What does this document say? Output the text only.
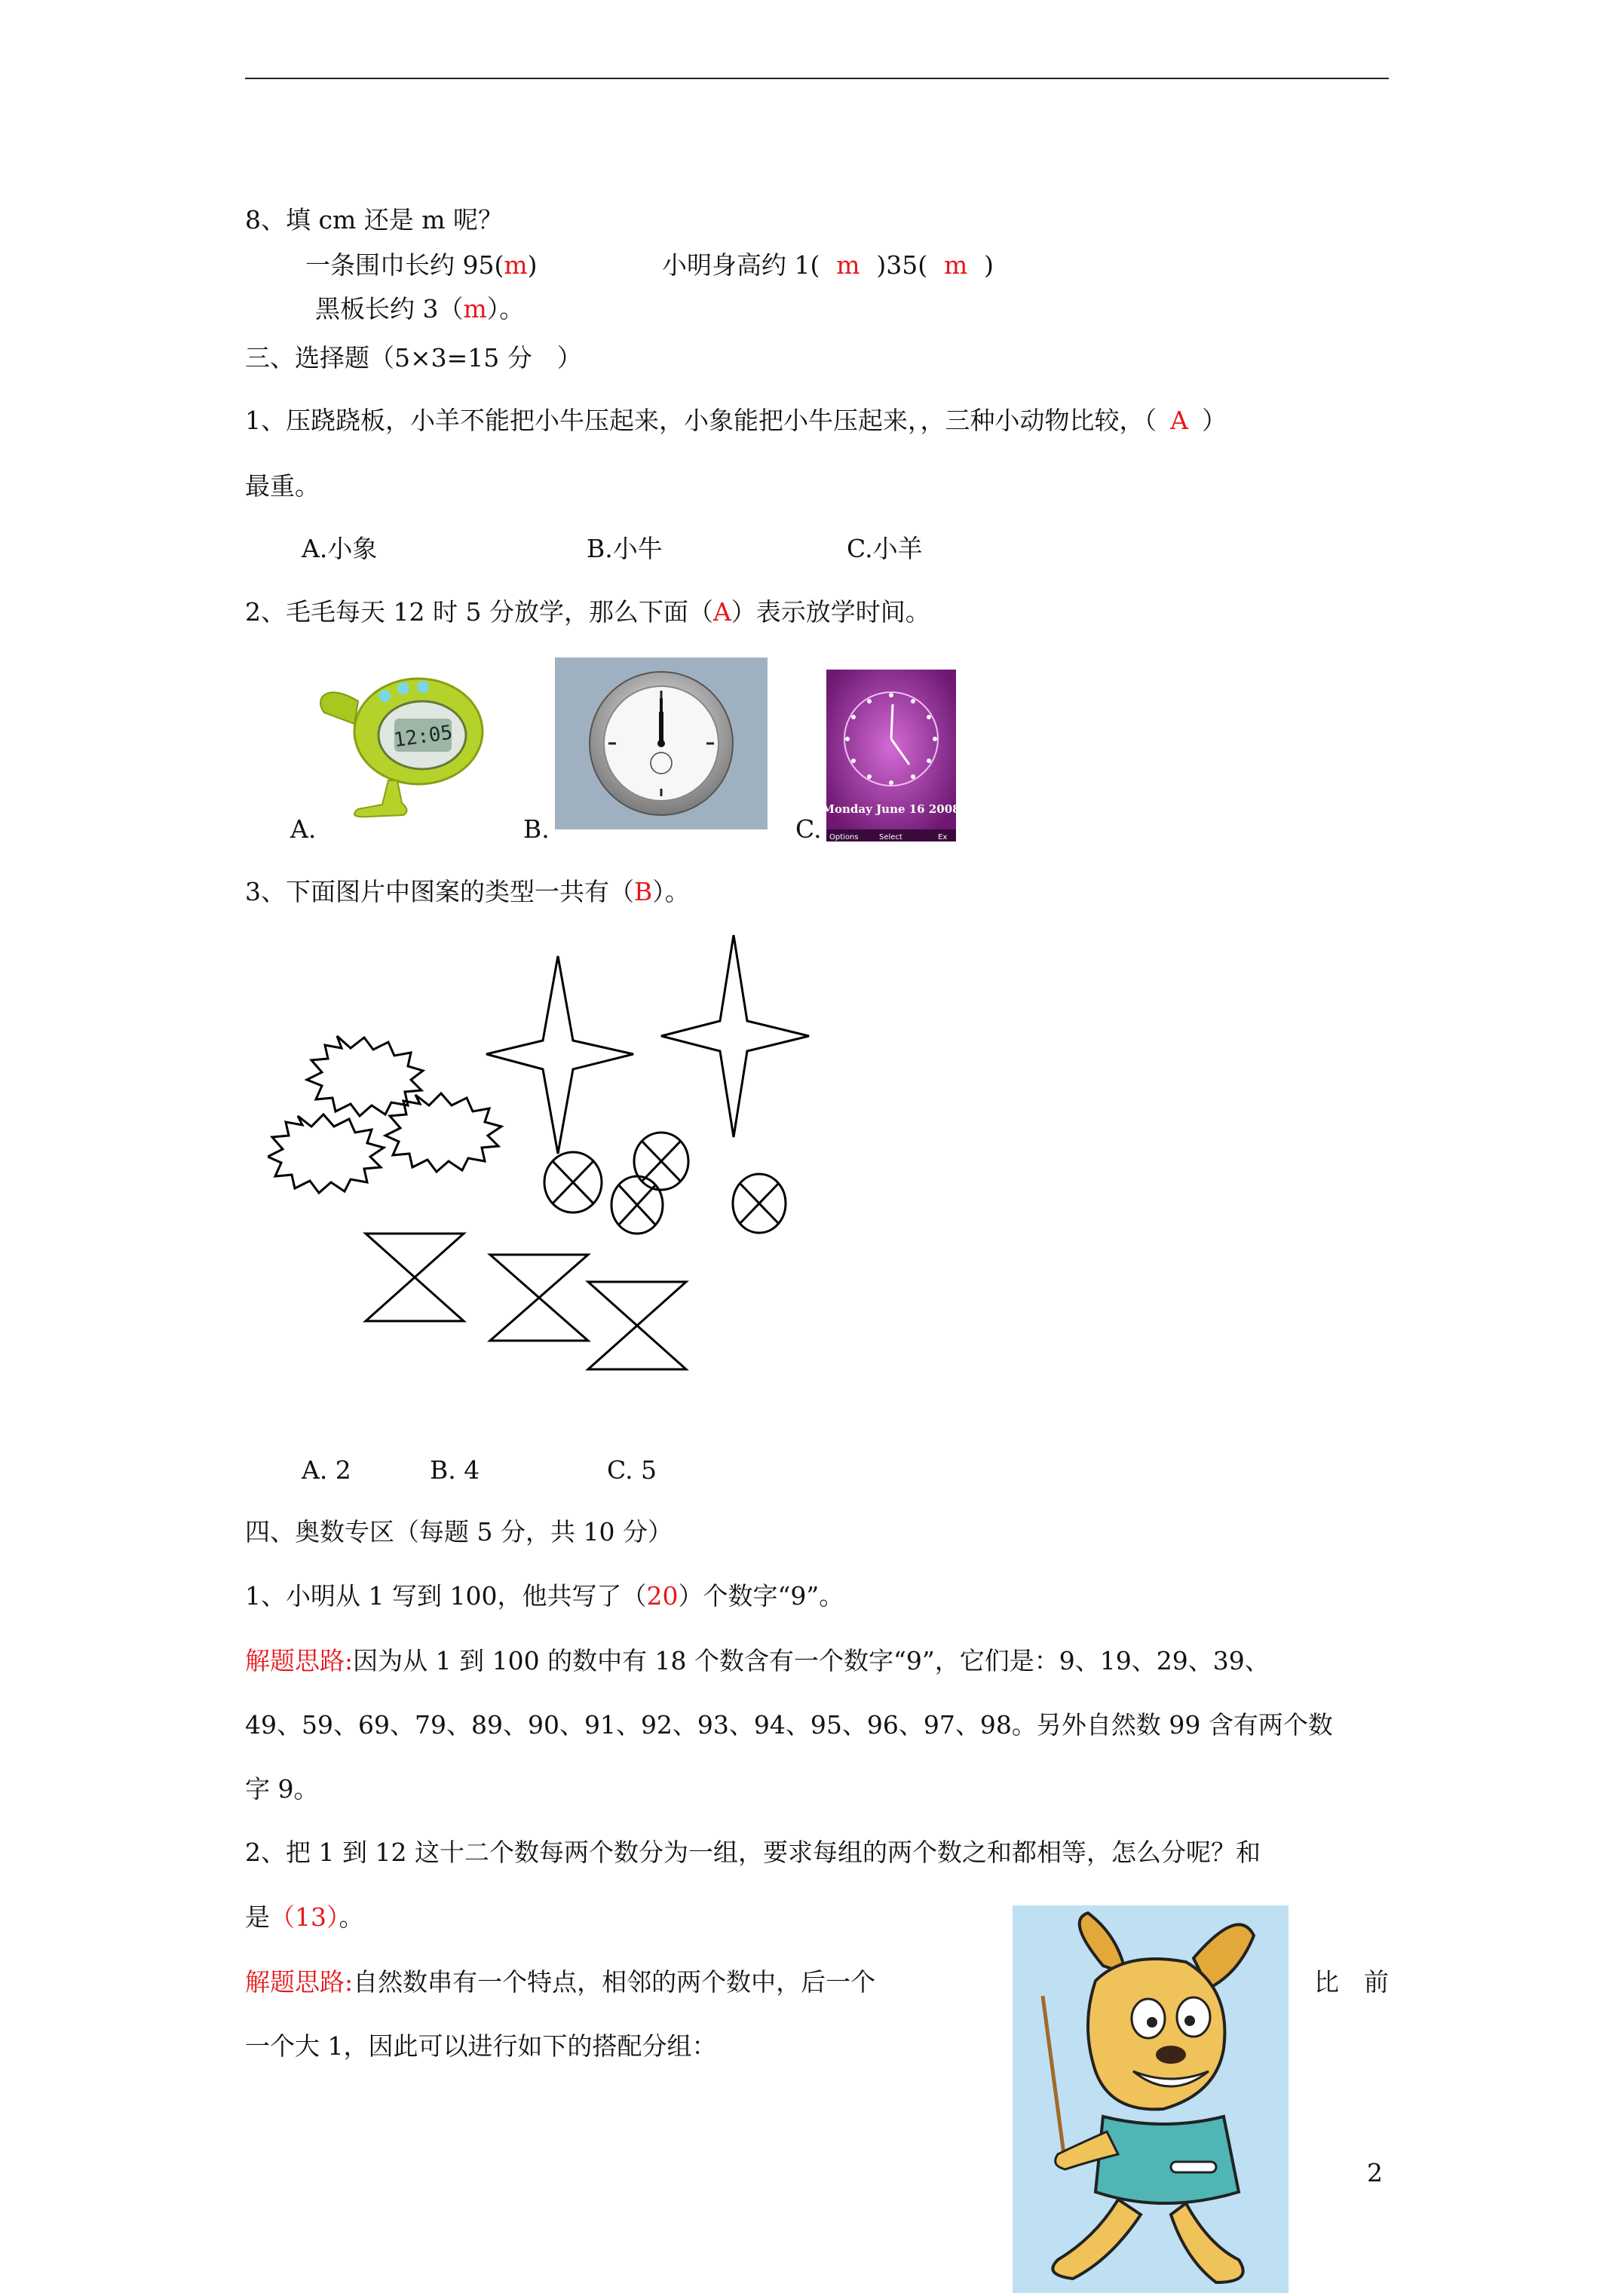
8、填 cm 还是 m 呢？
一条围巾长约 95(m)	小明身高约 1( m )35( m )
黑板长约 3（m）。
三、选择题（5×3=15 分　）
1、压跷跷板，小羊不能把小牛压起来，小象能把小牛压起来，，三种小动物比较，（ A ）
最重。
A.小象	B.小牛	C.小羊
2、毛毛每天 12 时 5 分放学，那么下面（A）表示放学时间。
12:05
A.	B.
Monday June 16 2008
Options	Select	Ex
C.
3、下面图片中图案的类型一共有（B）。
A. 2	B. 4	C. 5
四、奥数专区（每题 5 分，共 10 分）
1、小明从 1 写到 100，他共写了（20）个数字“9”。
解题思路:因为从 1 到 100 的数中有 18 个数含有一个数字“9”，它们是：9、19、29、39、
49、59、69、79、89、90、91、92、93、94、95、96、97、98。另外自然数 99 含有两个数
字 9。
2、把 1 到 12 这十二个数每两个数分为一组，要求每组的两个数之和都相等，怎么分呢？和
是（13）。
解题思路:自然数串有一个特点，相邻的两个数中，后一个	比　前
一个大 1，因此可以进行如下的搭配分组：
2
